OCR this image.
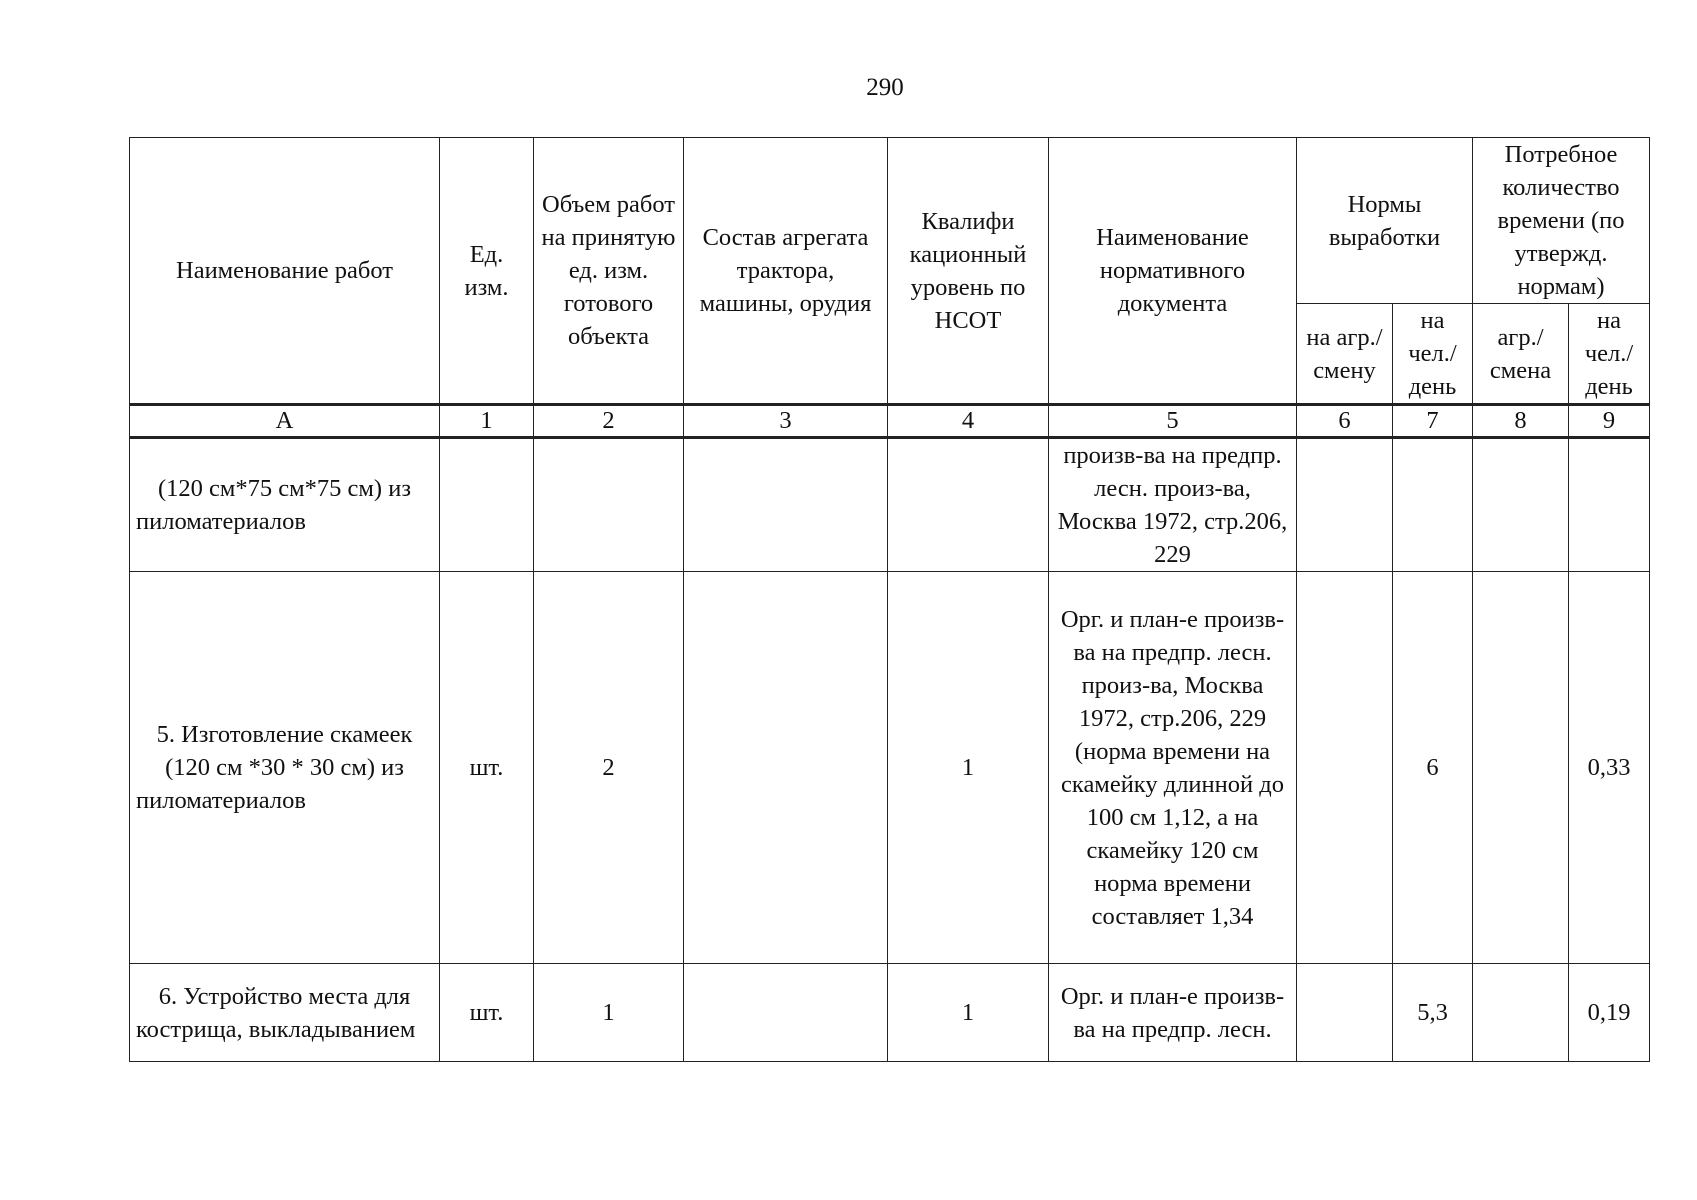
290
Наименование работ	Ед. изм.	Объем работ на принятую ед. изм. готового объекта	Состав агрегата трактора, машины, орудия	Квалифи кационный уровень по НСОТ	Наименование нормативного документа	Нормы выработки		Потребное количество времени (по утвержд. нормам)	
						на агр./ смену	на чел./ день	агр./ смена	на чел./ день
А	1	2	3	4	5	6	7	8	9
(120 см*75 см*75 см) из пиломатериалов					произв-ва на предпр. лесн. произ-ва, Москва 1972, стр.206, 229				
5. Изготовление скамеек (120 см *30 * 30 см) из пиломатериалов	шт.	2		1	Орг. и план-е произв-ва на предпр. лесн. произ-ва, Москва 1972, стр.206, 229 (норма времени на скамейку длинной до 100 см 1,12, а на скамейку 120 см норма времени составляет 1,34		6		0,33
6. Устройство места для кострища, выкладыванием	шт.	1		1	Орг. и план-е произв-ва на предпр. лесн.		5,3		0,19
